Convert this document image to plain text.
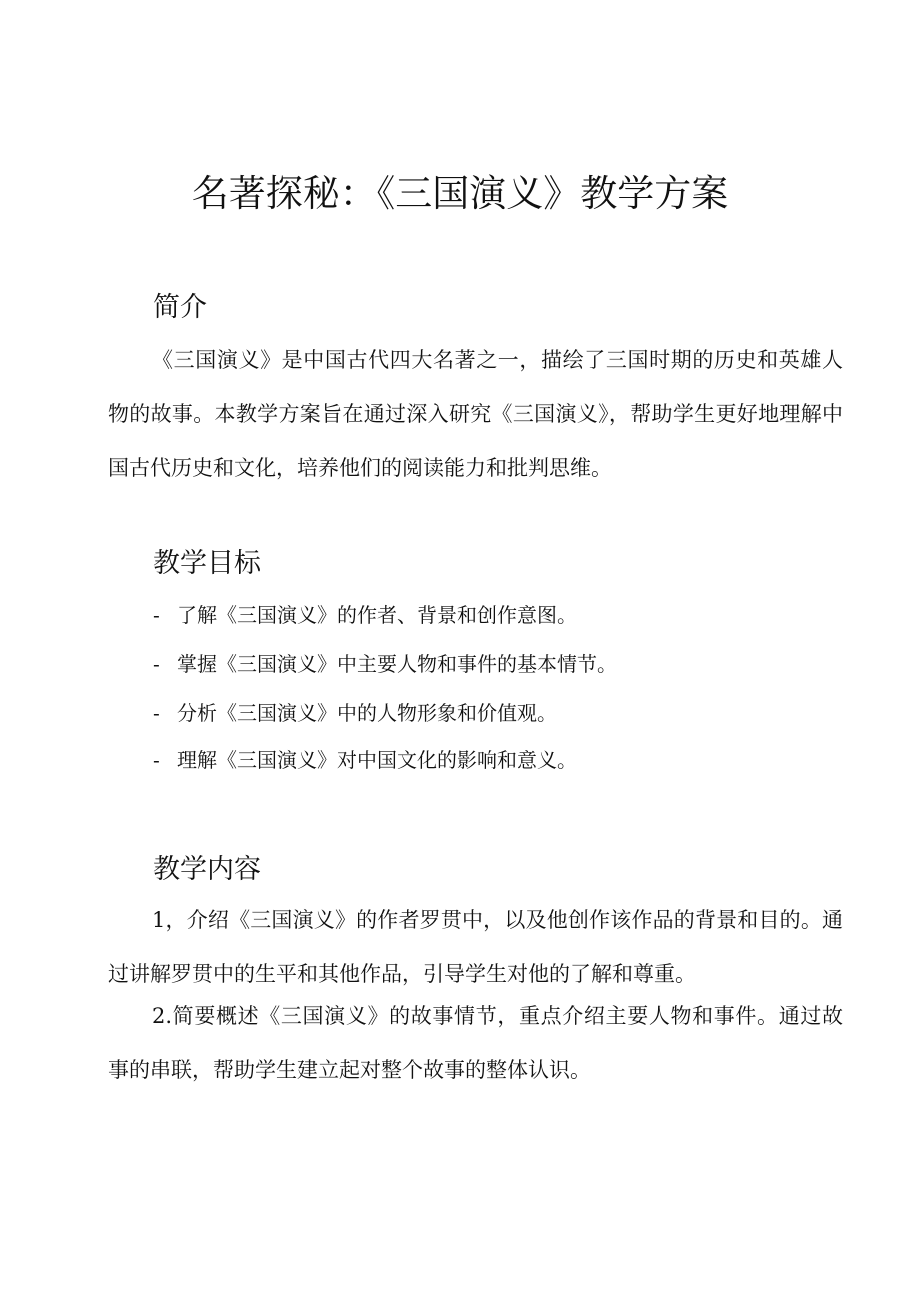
名著探秘：《三国演义》教学方案
简介

《三国演义》是中国古代四大名著之一，描绘了三国时期的历史和英雄人物的故事。本教学方案旨在通过深入研究《三国演义》，帮助学生更好地理解中国古代历史和文化，培养他们的阅读能力和批判思维。

教学目标

- 了解《三国演义》的作者、背景和创作意图。

- 掌握《三国演义》中主要人物和事件的基本情节。

- 分析《三国演义》中的人物形象和价值观。

- 理解《三国演义》对中国文化的影响和意义。

教学内容

1，介绍《三国演义》的作者罗贯中，以及他创作该作品的背景和目的。通过讲解罗贯中的生平和其他作品，引导学生对他的了解和尊重。

2.简要概述《三国演义》的故事情节，重点介绍主要人物和事件。通过故事的串联，帮助学生建立起对整个故事的整体认识。
